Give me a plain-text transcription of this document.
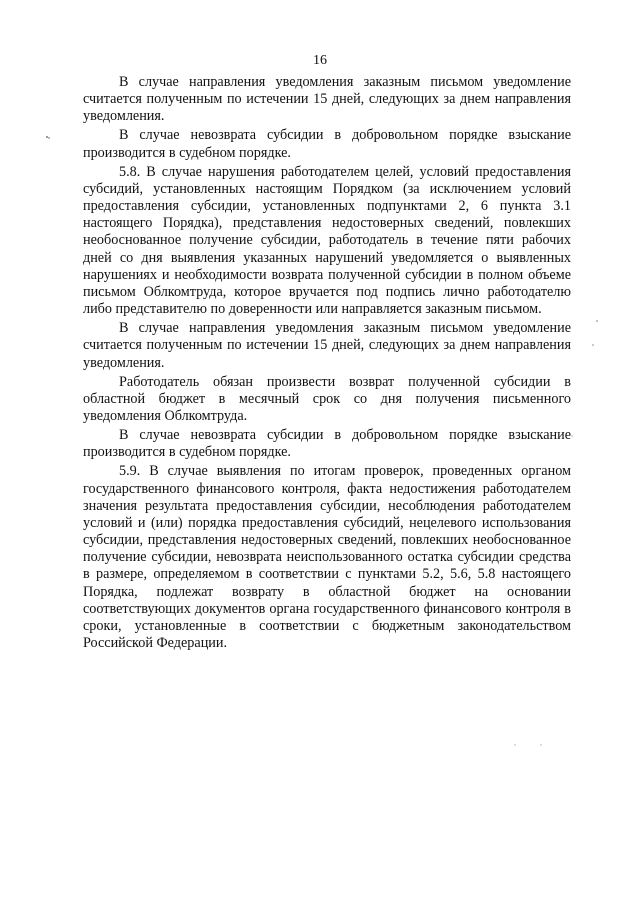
16

В случае направления уведомления заказным письмом уведомление считается полученным по истечении 15 дней, следующих за днем направления уведомления.

В случае невозврата субсидии в добровольном порядке взыскание производится в судебном порядке.

5.8. В случае нарушения работодателем целей, условий предоставления субсидий, установленных настоящим Порядком (за исключением условий предоставления субсидии, установленных подпунктами 2, 6 пункта 3.1 настоящего Порядка), представления недостоверных сведений, повлекших необоснованное получение субсидии, работодатель в течение пяти рабочих дней со дня выявления указанных нарушений уведомляется о выявленных нарушениях и необходимости возврата полученной субсидии в полном объеме письмом Облкомтруда, которое вручается под подпись лично работодателю либо представителю по доверенности или направляется заказным письмом.

В случае направления уведомления заказным письмом уведомление считается полученным по истечении 15 дней, следующих за днем направления уведомления.

Работодатель обязан произвести возврат полученной субсидии в областной бюджет в месячный срок со дня получения письменного уведомления Облкомтруда.

В случае невозврата субсидии в добровольном порядке взыскание производится в судебном порядке.

5.9. В случае выявления по итогам проверок, проведенных органом государственного финансового контроля, факта недостижения работодателем значения результата предоставления субсидии, несоблюдения работодателем условий и (или) порядка предоставления субсидий, нецелевого использования субсидии, представления недостоверных сведений, повлекших необоснованное получение субсидии, невозврата неиспользованного остатка субсидии средства в размере, определяемом в соответствии с пунктами 5.2, 5.6, 5.8 настоящего Порядка, подлежат возврату в областной бюджет на основании соответствующих документов органа государственного финансового контроля в сроки, установленные в соответствии с бюджетным законодательством Российской Федерации.
